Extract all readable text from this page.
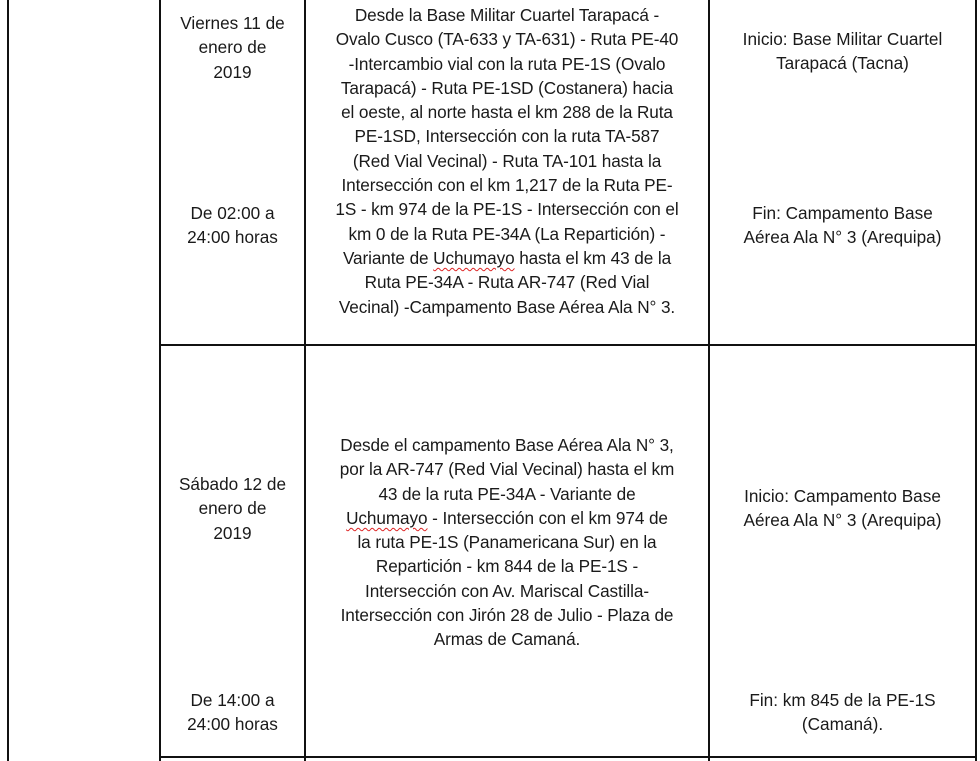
Viernes 11 de
enero de
2019
De 02:00 a
24:00 horas
Desde la Base Militar Cuartel Tarapacá -
Ovalo Cusco (TA-633 y TA-631) - Ruta PE-40
-Intercambio vial con la ruta PE-1S (Ovalo
Tarapacá) - Ruta PE-1SD (Costanera) hacia
el oeste, al norte hasta el km 288 de la Ruta
PE-1SD, Intersección con la ruta TA-587
(Red Vial Vecinal) - Ruta TA-101 hasta la
Intersección con el km 1,217 de la Ruta PE-
1S - km 974 de la PE-1S - Intersección con el
km 0 de la Ruta PE-34A (La Repartición) -
Variante de Uchumayo hasta el km 43 de la
Ruta PE-34A - Ruta AR-747 (Red Vial
Vecinal) -Campamento Base Aérea Ala N° 3.
Inicio: Base Militar Cuartel
Tarapacá (Tacna)
Fin: Campamento Base
Aérea Ala N° 3 (Arequipa)
Sábado 12 de
enero de
2019
De 14:00 a
24:00 horas
Desde el campamento Base Aérea Ala N° 3,
por la AR-747 (Red Vial Vecinal) hasta el km
43 de la ruta PE-34A - Variante de
Uchumayo - Intersección con el km 974 de
la ruta PE-1S (Panamericana Sur) en la
Repartición - km 844 de la PE-1S -
Intersección con Av. Mariscal Castilla-
Intersección con Jirón 28 de Julio - Plaza de
Armas de Camaná.
Inicio: Campamento Base
Aérea Ala N° 3 (Arequipa)
Fin: km 845 de la PE-1S
(Camaná).
